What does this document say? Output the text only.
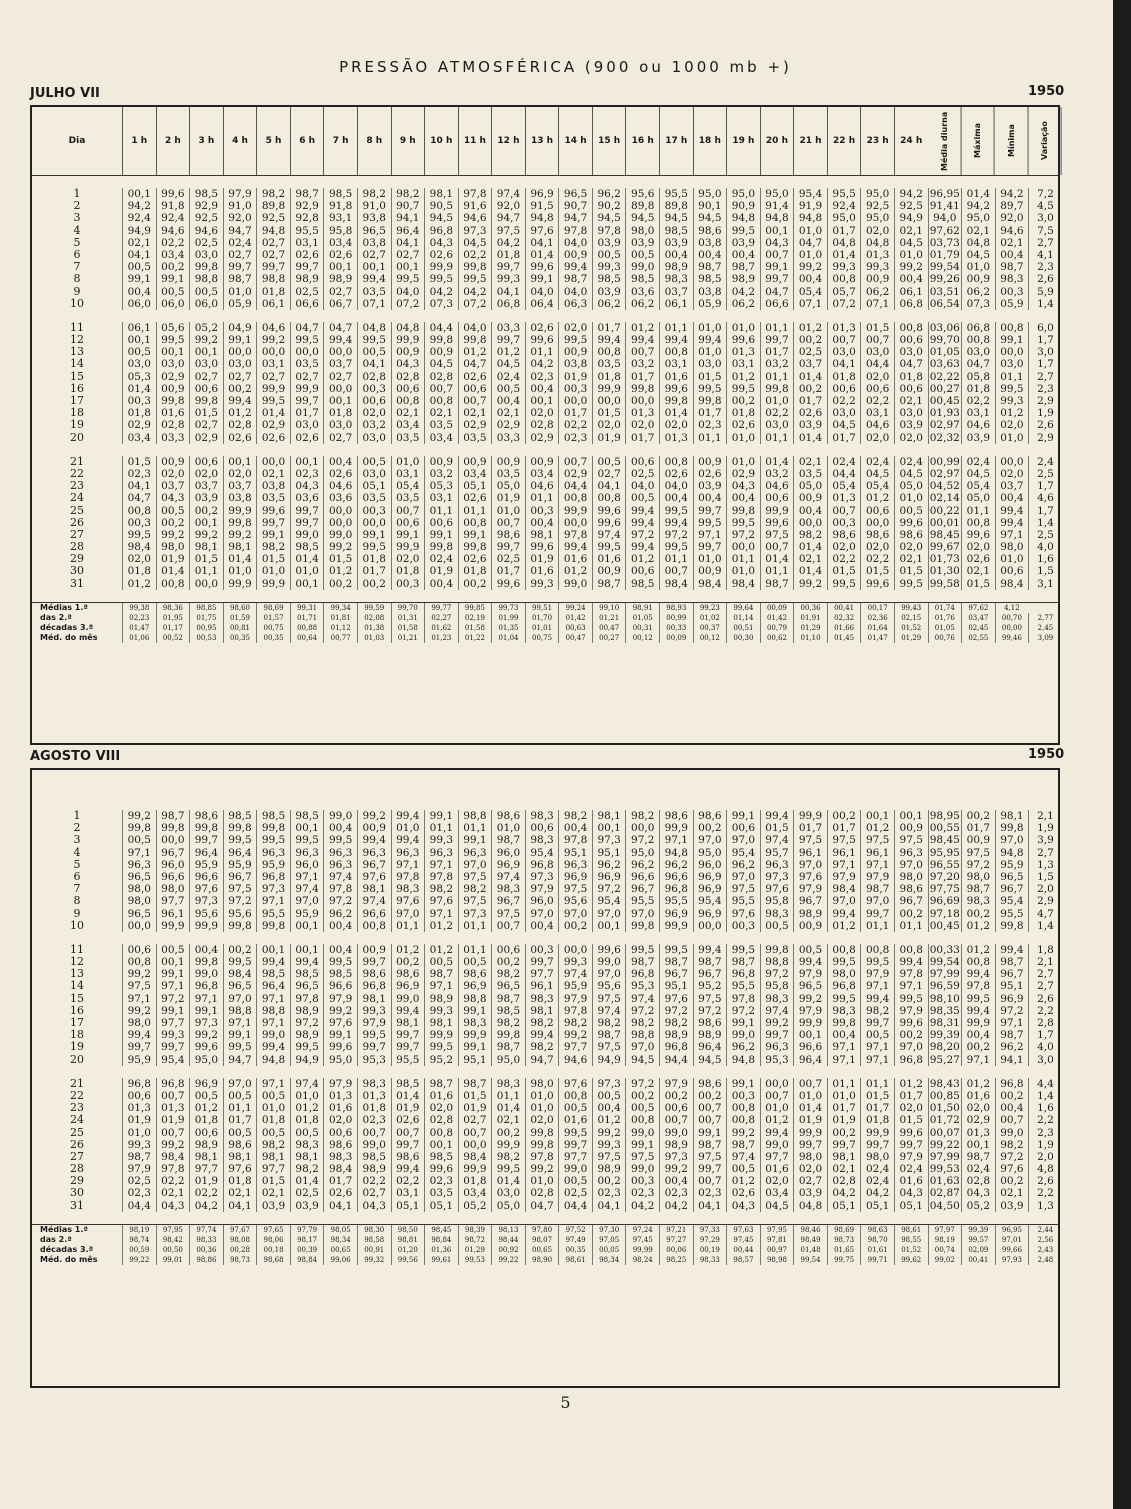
PRESSÃO ATMOSFÉRICA (900 ou 1000 mb +)
JULHO VII	1950
Dia	1 h	2 h	3 h	4 h	5 h	6 h	7 h	8 h	9 h	10 h	11 h	12 h	13 h	14 h	15 h	16 h	17 h	18 h	19 h	20 h	21 h	22 h	23 h	24 h	Média diurna	Máxima	Mínima	Variação
1	00,1 99,6 98,5 97,9 98,2 98,7 98,5 98,2 98,2 98,1 97,8 97,4 96,9 96,5 96,2 95,6 95,5 95,0 95,0 95,0 95,4 95,5 95,0 94,2 96,95 01,4 94,2	7,2
2	94,2 91,8 92,9 91,0 89,8 92,9 91,8 91,0 90,7 90,5 91,6 92,0 91,5 90,7 90,2 89,8 89,8 90,1 90,9 91,4 91,9 92,4 92,5 92,5 91,41 94,2 89,7	4,5
3	92,4 92,4 92,5 92,0 92,5 92,8 93,1 93,8 94,1 94,5 94,6 94,7 94,8 94,7 94,5 94,5 94,5 94,5 94,8 94,8 94,8 95,0 95,0 94,9 94,0 95,0 92,0	3,0
4	94,9 94,6 94,6 94,7 94,8 95,5 95,8 96,5 96,4 96,8 97,3 97,5 97,6 97,8 97,8 98,0 98,5 98,6 99,5 00,1 01,0 01,7 02,0 02,1 97,62 02,1 94,6	7,5
5	02,1 02,2 02,5 02,4 02,7 03,1 03,4 03,8 04,1 04,3 04,5 04,2 04,1 04,0 03,9 03,9 03,9 03,8 03,9 04,3 04,7 04,8 04,8 04,5 03,73 04,8 02,1	2,7
6	04,1 03,4 03,0 02,7 02,7 02,6 02,6 02,7 02,7 02,6 02,2 01,8 01,4 00,9 00,5 00,5 00,4 00,4 00,4 00,7 01,0 01,4 01,3 01,0 01,79 04,5 00,4	4,1
7	00,5 00,2 99,8 99,7 99,7 99,7 00,1 00,1 00,1 99,9 99,8 99,7 99,6 99,4 99,3 99,0 98,9 98,7 98,7 99,1 99,2 99,3 99,3 99,2 99,54 01,0 98,7	2,3
8	99,1 99,1 98,8 98,7 98,8 98,9 98,9 99,4 99,5 99,5 99,5 99,3 99,1 98,7 98,5 98,5 98,3 98,5 98,9 99,7 00,4 00,8 00,9 00,4 99,26 00,9 98,3	2,6
9	00,4 00,5 00,5 01,0 01,8 02,5 02,7 03,5 04,0 04,2 04,2 04,1 04,0 04,0 03,9 03,6 03,7 03,8 04,2 04,7 05,4 05,7 06,2 06,1 03,51 06,2 00,3	5,9
10	06,0 06,0 06,0 05,9 06,1 06,6 06,7 07,1 07,2 07,3 07,2 06,8 06,4 06,3 06,2 06,2 06,1 05,9 06,2 06,6 07,1 07,2 07,1 06,8 06,54 07,3 05,9	1,4
11	06,1 05,6 05,2 04,9 04,6 04,7 04,7 04,8 04,8 04,4 04,0 03,3 02,6 02,0 01,7 01,2 01,1 01,0 01,0 01,1 01,2 01,3 01,5 00,8 03,06 06,8 00,8	6,0
12	00,1 99,5 99,2 99,1 99,2 99,5 99,4 99,5 99,9 99,8 99,8 99,7 99,6 99,5 99,4 99,4 99,4 99,4 99,6 99,7 00,2 00,7 00,7 00,6 99,70 00,8 99,1	1,7
13	00,5 00,1 00,1 00,0 00,0 00,0 00,0 00,5 00,9 00,9 01,2 01,2 01,1 00,9 00,8 00,7 00,8 01,0 01,3 01,7 02,5 03,0 03,0 03,0 01,05 03,0 00,0	3,0
14	03,0 03,0 03,0 03,0 03,1 03,5 03,7 04,1 04,3 04,5 04,7 04,5 04,2 03,8 03,5 03,2 03,1 03,0 03,1 03,2 03,7 04,1 04,4 04,7 03,63 04,7 03,0	1,7
15	05,3 02,9 02,7 02,7 02,7 02,7 02,7 02,8 02,8 02,8 02,6 02,4 02,3 01,9 01,8 01,7 01,6 01,5 01,2 01,1 01,4 01,8 02,0 01,8 02,22 05,8 01,1	2,7
16	01,4 00,9 00,6 00,2 99,9 99,9 00,0 00,3 00,6 00,7 00,6 00,5 00,4 00,3 99,9 99,8 99,6 99,5 99,5 99,8 00,2 00,6 00,6 00,6 00,27 01,8 99,5	2,3
17	00,3 99,8 99,8 99,4 99,5 99,7 00,1 00,6 00,8 00,8 00,7 00,4 00,1 00,0 00,0 00,0 99,8 99,8 00,2 01,0 01,7 02,2 02,2 02,1 00,45 02,2 99,3	2,9
18	01,8 01,6 01,5 01,2 01,4 01,7 01,8 02,0 02,1 02,1 02,1 02,1 02,0 01,7 01,5 01,3 01,4 01,7 01,8 02,2 02,6 03,0 03,1 03,0 01,93 03,1 01,2	1,9
19	02,9 02,8 02,7 02,8 02,9 03,0 03,0 03,2 03,4 03,5 02,9 02,9 02,8 02,2 02,0 02,0 02,0 02,3 02,6 03,0 03,9 04,5 04,6 03,9 02,97 04,6 02,0	2,6
20	03,4 03,3 02,9 02,6 02,6 02,6 02,7 03,0 03,5 03,4 03,5 03,3 02,9 02,3 01,9 01,7 01,3 01,1 01,0 01,1 01,4 01,7 02,0 02,0 02,32 03,9 01,0	2,9
21	01,5 00,9 00,6 00,1 00,0 00,1 00,4 00,5 01,0 00,9 00,9 00,9 00,9 00,7 00,5 00,6 00,8 00,9 01,0 01,4 02,1 02,4 02,4 02,4 00,99 02,4 00,0	2,4
22	02,3 02,0 02,0 02,0 02,1 02,3 02,6 03,0 03,1 03,2 03,4 03,5 03,4 02,9 02,7 02,5 02,6 02,6 02,9 03,2 03,5 04,4 04,5 04,5 02,97 04,5 02,0	2,5
23	04,1 03,7 03,7 03,7 03,8 04,3 04,6 05,1 05,4 05,3 05,1 05,0 04,6 04,4 04,1 04,0 04,0 03,9 04,3 04,6 05,0 05,4 05,4 05,0 04,52 05,4 03,7	1,7
24	04,7 04,3 03,9 03,8 03,5 03,6 03,6 03,5 03,5 03,1 02,6 01,9 01,1 00,8 00,8 00,5 00,4 00,4 00,4 00,6 00,9 01,3 01,2 01,0 02,14 05,0 00,4	4,6
25	00,8 00,5 00,2 99,9 99,6 99,7 00,0 00,3 00,7 01,1 01,1 01,0 00,3 99,9 99,6 99,4 99,5 99,7 99,8 99,9 00,4 00,7 00,6 00,5 00,22 01,1 99,4	1,7
26	00,3 00,2 00,1 99,8 99,7 99,7 00,0 00,0 00,6 00,6 00,8 00,7 00,4 00,0 99,6 99,4 99,4 99,5 99,5 99,6 00,0 00,3 00,0 99,6 00,01 00,8 99,4	1,4
27	99,5 99,2 99,2 99,2 99,1 99,0 99,0 99,1 99,1 99,1 99,1 98,6 98,1 97,8 97,4 97,2 97,2 97,1 97,2 97,5 98,2 98,6 98,6 98,6 98,45 99,6 97,1	2,5
28	98,4 98,0 98,1 98,1 98,2 98,5 99,2 99,5 99,9 99,8 99,8 99,7 99,6 99,4 99,5 99,4 99,5 99,7 00,0 00,7 01,4 02,0 02,0 02,0 99,67 02,0 98,0	4,0
29	02,0 01,9 01,5 01,4 01,5 01,4 01,5 01,8 02,0 02,4 02,6 02,5 01,9 01,6 01,6 01,2 01,1 01,0 01,1 01,4 02,1 02,2 02,2 02,1 01,73 02,6 01,0	1,6
30	01,8 01,4 01,1 01,0 01,0 01,0 01,2 01,7 01,8 01,9 01,8 01,7 01,6 01,2 00,9 00,6 00,7 00,9 01,0 01,1 01,4 01,5 01,5 01,5 01,30 02,1 00,6	1,5
31	01,2 00,8 00,0 99,9 99,9 00,1 00,2 00,2 00,3 00,4 00,2 99,6 99,3 99,0 98,7 98,5 98,4 98,4 98,4 98,7 99,2 99,5 99,6 99,5 99,58 01,5 98,4	3,1
Médias 1.ª	99,38	98,36	98,85	98,60	98,69	99,31	99,34	99,59	99,70	99,77	99,85	99,73	99,51	99,24	99,10	98,91	98,93	99,23	99,64	00,09	00,36	00,41	00,17	99,43	01,74	97,62	4,12
das 2.ª	02,23	01,95	01,75	01,59	01,57	01,71	01,81	02,08	01,31	02,27	02,19	01,99	01,70	01,42	01,21	01,05	00,99	01,02	01,14	01,42	01,91	02,32	02,36	02,15	01,76	03,47	00,70	2,77
décadas 3.ª	01,47	01,17	00,95	00,81	00,75	00,88	01,12	01,38	01,58	01,62	01,58	01,35	01,01	00,63	00,47	00,31	00,33	00,37	00,51	00,79	01,29	01,66	01,64	01,52	01,05	02,45	00,00	2,45
Méd. do mês	01,06	00,52	00,53	00,35	00,35	00,64	00,77	01,03	01,21	01,23	01,22	01,04	00,75	00,47	00,27	00,12	00,09	00,12	00,30	00,62	01,10	01,45	01,47	01,29	00,76	02,55	99,46	3,09
AGOSTO VIII	1950
1	99,2 98,7 98,6 98,5 98,5 98,5 99,0 99,2 99,4 99,1 98,8 98,6 98,3 98,2 98,1 98,2 98,6 98,6 99,1 99,4 99,9 00,2 00,1 00,1 98,95 00,2 98,1	2,1
2	99,8 99,8 99,8 99,8 99,8 00,1 00,4 00,9 01,0 01,1 01,1 01,0 00,6 00,4 00,1 00,0 99,9 00,2 00,6 01,5 01,7 01,7 01,2 00,9 00,55 01,7 99,8	1,9
3	00,5 00,0 99,7 99,5 99,5 99,5 99,5 99,4 99,4 99,3 99,1 98,7 98,3 97,8 97,3 97,2 97,1 97,0 97,0 97,4 97,5 97,5 97,5 97,5 98,45 00,9 97,0	3,9
4	97,1 96,7 96,4 96,4 96,3 96,3 96,3 96,3 96,3 96,3 96,3 96,0 95,4 95,1 95,1 95,0 94,8 95,0 95,4 95,7 96,1 96,1 96,1 96,3 95,95 97,5 94,8	2,7
5	96,3 96,0 95,9 95,9 95,9 96,0 96,3 96,7 97,1 97,1 97,0 96,9 96,8 96,3 96,2 96,2 96,2 96,0 96,2 96,3 97,0 97,1 97,1 97,0 96,55 97,2 95,9	1,3
6	96,5 96,6 96,6 96,7 96,8 97,1 97,4 97,6 97,8 97,8 97,5 97,4 97,3 96,9 96,9 96,6 96,6 96,9 97,0 97,3 97,6 97,9 97,9 98,0 97,20 98,0 96,5	1,5
7	98,0 98,0 97,6 97,5 97,3 97,4 97,8 98,1 98,3 98,2 98,2 98,3 97,9 97,5 97,2 96,7 96,8 96,9 97,5 97,6 97,9 98,4 98,7 98,6 97,75 98,7 96,7	2,0
8	98,0 97,7 97,3 97,2 97,1 97,0 97,2 97,4 97,6 97,6 97,5 96,7 96,0 95,6 95,4 95,5 95,5 95,4 95,5 95,8 96,7 97,0 97,0 96,7 96,69 98,3 95,4	2,9
9	96,5 96,1 95,6 95,6 95,5 95,9 96,2 96,6 97,0 97,1 97,3 97,5 97,0 97,0 97,0 97,0 96,9 96,9 97,6 98,3 98,9 99,4 99,7 00,2 97,18 00,2 95,5	4,7
10	00,0 99,9 99,9 99,8 99,8 00,1 00,4 00,8 01,1 01,2 01,1 00,7 00,4 00,2 00,1 99,8 99,9 00,0 00,3 00,5 00,9 01,2 01,1 01,1 00,45 01,2 99,8	1,4
11	00,6 00,5 00,4 00,2 00,1 00,1 00,4 00,9 01,2 01,2 01,1 00,6 00,3 00,0 99,6 99,5 99,5 99,4 99,5 99,8 00,5 00,8 00,8 00,8 00,33 01,2 99,4	1,8
12	00,8 00,1 99,8 99,5 99,4 99,4 99,5 99,7 00,2 00,5 00,5 00,2 99,7 99,3 99,0 98,7 98,7 98,7 98,7 98,8 99,4 99,5 99,5 99,4 99,54 00,8 98,7	2,1
13	99,2 99,1 99,0 98,4 98,5 98,5 98,5 98,6 98,6 98,7 98,6 98,2 97,7 97,4 97,0 96,8 96,7 96,7 96,8 97,2 97,9 98,0 97,9 97,8 97,99 99,4 96,7	2,7
14	97,5 97,1 96,8 96,5 96,4 96,5 96,6 96,8 96,9 97,1 96,9 96,5 96,1 95,9 95,6 95,3 95,1 95,2 95,5 95,8 96,5 96,8 97,1 97,1 96,59 97,8 95,1	2,7
15	97,1 97,2 97,1 97,0 97,1 97,8 97,9 98,1 99,0 98,9 98,8 98,7 98,3 97,9 97,5 97,4 97,6 97,5 97,8 98,3 99,2 99,5 99,4 99,5 98,10 99,5 96,9	2,6
16	99,2 99,1 99,1 98,8 98,8 98,9 99,2 99,3 99,4 99,3 99,1 98,5 98,1 97,8 97,4 97,2 97,2 97,2 97,2 97,4 97,9 98,3 98,2 97,9 98,35 99,4 97,2	2,2
17	98,0 97,7 97,3 97,1 97,1 97,2 97,6 97,9 98,1 98,1 98,3 98,2 98,2 98,2 98,2 98,2 98,2 98,6 99,1 99,2 99,9 99,8 99,7 99,6 98,31 99,9 97,1	2,8
18	99,4 99,3 99,2 99,1 99,0 98,9 99,1 99,5 99,7 99,9 99,9 99,8 99,4 99,2 98,7 98,8 98,9 98,9 99,0 99,7 00,1 00,4 00,5 00,2 99,39 00,4 98,7	1,7
19	99,7 99,7 99,6 99,5 99,4 99,5 99,6 99,7 99,7 99,5 99,1 98,7 98,2 97,7 97,5 97,0 96,8 96,4 96,2 96,3 96,6 97,1 97,1 97,0 98,20 00,2 96,2	4,0
20	95,9 95,4 95,0 94,7 94,8 94,9 95,0 95,3 95,5 95,2 95,1 95,0 94,7 94,6 94,9 94,5 94,4 94,5 94,8 95,3 96,4 97,1 97,1 96,8 95,27 97,1 94,1	3,0
21	96,8 96,8 96,9 97,0 97,1 97,4 97,9 98,3 98,5 98,7 98,7 98,3 98,0 97,6 97,3 97,2 97,9 98,6 99,1 00,0 00,7 01,1 01,1 01,2 98,43 01,2 96,8	4,4
22	00,6 00,7 00,5 00,5 00,5 01,0 01,3 01,3 01,4 01,6 01,5 01,1 01,0 00,8 00,5 00,2 00,2 00,2 00,3 00,7 01,0 01,0 01,5 01,7 00,85 01,6 00,2	1,4
23	01,3 01,3 01,2 01,1 01,0 01,2 01,6 01,8 01,9 02,0 01,9 01,4 01,0 00,5 00,4 00,5 00,6 00,7 00,8 01,0 01,4 01,7 01,7 02,0 01,50 02,0 00,4	1,6
24	01,9 01,9 01,8 01,7 01,8 01,8 02,0 02,3 02,6 02,8 02,7 02,1 02,0 01,6 01,2 00,8 00,7 00,7 00,8 01,2 01,9 01,9 01,8 01,5 01,72 02,9 00,7	2,2
25	01,0 00,7 00,6 00,5 00,5 00,5 00,6 00,7 00,7 00,8 00,7 00,2 99,8 99,5 99,2 99,0 99,0 99,1 99,2 99,4 99,9 00,2 99,9 99,6 00,07 01,3 99,0	2,3
26	99,3 99,2 98,9 98,6 98,2 98,3 98,6 99,0 99,7 00,1 00,0 99,9 99,8 99,7 99,3 99,1 98,9 98,7 98,7 99,0 99,7 99,7 99,7 99,7 99,22 00,1 98,2	1,9
27	98,7 98,4 98,1 98,1 98,1 98,1 98,3 98,5 98,6 98,5 98,4 98,2 97,8 97,7 97,5 97,5 97,3 97,5 97,4 97,7 98,0 98,1 98,0 97,9 97,99 98,7 97,2	2,0
28	97,9 97,8 97,7 97,6 97,7 98,2 98,4 98,9 99,4 99,6 99,9 99,5 99,2 99,0 98,9 99,0 99,2 99,7 00,5 01,6 02,0 02,1 02,4 02,4 99,53 02,4 97,6	4,8
29	02,5 02,2 01,9 01,8 01,5 01,4 01,7 02,2 02,2 02,3 01,8 01,4 01,0 00,5 00,2 00,3 00,4 00,7 01,2 02,0 02,7 02,8 02,4 01,6 01,63 02,8 00,2	2,6
30	02,3 02,1 02,2 02,1 02,1 02,5 02,6 02,7 03,1 03,5 03,4 03,0 02,8 02,5 02,3 02,3 02,3 02,3 02,6 03,4 03,9 04,2 04,2 04,3 02,87 04,3 02,1	2,2
31	04,4 04,3 04,2 04,1 03,9 03,9 04,1 04,3 05,1 05,1 05,2 05,0 04,7 04,4 04,1 04,2 04,2 04,1 04,3 04,5 04,8 05,1 05,1 05,1 04,50 05,2 03,9	1,3
Médias 1.ª	98,19	97,95	97,74	97,67	97,65	97,79	98,05	98,30	98,50	98,45	98,39	98,13	97,80	97,52	97,30	97,24	97,21	97,33	97,63	97,95	98,46	98,69	98,63	98,61	97,97	99,39	96,95	2,44
das 2.ª	98,74	98,42	98,33	98,08	98,06	98,17	98,34	98,58	98,81	98,84	98,72	98,44	98,07	97,49	97,05	97,45	97,27	97,29	97,45	97,81	98,49	98,73	98,70	98,55	98,19	99,57	97,01	2,56
décadas 3.ª	00,59	00,50	00,36	00,28	00,18	00,39	00,65	00,91	01,20	01,36	01,29	00,92	00,65	00,35	00,05	99,99	00,06	00,19	00,44	00,97	01,48	01,65	01,61	01,52	00,74	02,09	99,66	2,43
Méd. do mês	99,22	99,01	98,86	98,73	98,68	98,84	99,06	99,32	99,56	99,61	99,53	99,22	98,90	98,61	98,34	98,24	98,25	98,33	98,57	98,98	99,54	99,75	99,71	99,62	99,02	00,41	97,93	2,48
5
